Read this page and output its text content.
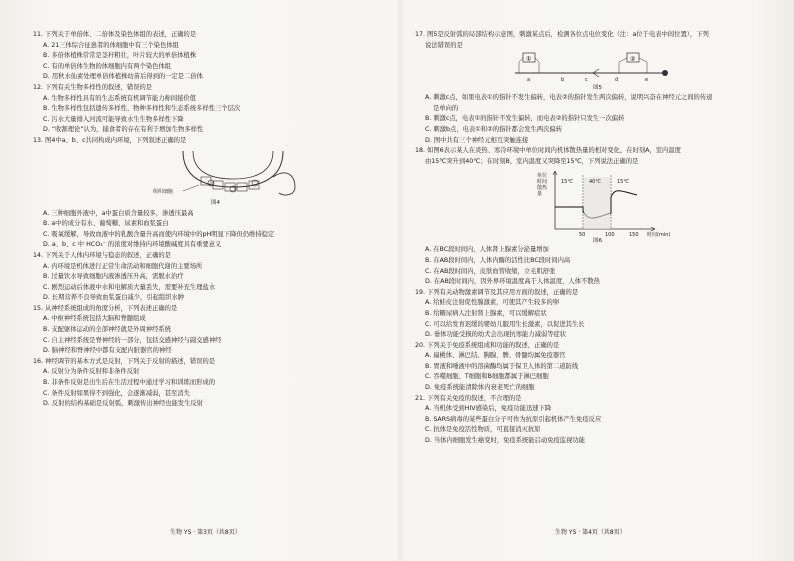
11. 下列关于单倍体、二倍体及染色体组的表述，正确的是
A. 21三体综合征患者的体细胞中有三个染色体组
B. 多倍体植株常常是茎秆粗壮，叶片较大的单倍体植株
C. 有的单倍体生物的体细胞内有两个染色体组
D. 用秋水仙素处理单倍体植株幼苗后得到的一定是二倍体
12. 下列有关生物多样性的叙述，错误的是
A. 生物多样性具有的生态系统有机调节能力称间接价值
B. 生物多样性包括遗传多样性、物种多样性和生态系统多样性三个层次
C. 污水大量排入河流可能导致水生生物多样性下降
D. “收割理论”认为，捕食者的存在有利于增加生物多样性
13. 图4中a、b、c共同构成内环境，下列叙述正确的是
组织细胞
图4
A. 三种细胞外液中，a中蛋白质含量较多，渗透压最高
B. a中的成分有水、葡萄糖、尿素和血浆蛋白
C. 吸氧缓解，导致血液中的乳酸含量升高而使内环境中的pH明显下降但仍维持稳定
D. a、b、c 中 HCO₃⁻ 的浓度对维持内环境酸碱度具有重要意义
14. 下列关于人体内环境与稳态的叙述，正确的是
A. 内环境是机体进行正常生命活动和细胞代谢的主要场所
B. 过量饮水导致细胞内液渗透压升高，需脱水治疗
C. 剧烈运动后体液中水和电解质大量丢失，需要补充生理盐水
D. 长期营养不良导致血浆蛋白减少，引起组织水肿
15. 从神经系统组成的角度分析，下列表述正确的是
A. 中枢神经系统包括大脑和脊髓组成
B. 支配躯体运动的全部神经就是外周神经系统
C. 自主神经系统是脊神经的一部分，包括交感神经与副交感神经
D. 脑神经和脊神经中都有支配内脏器官的神经
16. 神经调节的基本方式是反射，下列关于反射的描述，错误的是
A. 反射分为条件反射和非条件反射
B. 非条件反射是出生后在生活过程中通过学习和训练而形成的
C. 条件反射如果得不到强化，会逐渐减弱，甚至消失
D. 反射的结构基础是反射弧，刺激传出神经也能发生反射
生物 YS · 第3页（共8页）
17. 图5是反射弧的局部结构示意图，刺激某点后，检测各位点电位变化（注：a位于电表中间位置），下列
说法错误的是
①	②
a	b	c	d	e
图5
A. 刺激c点，如果电表①的指针不发生偏转，电表②的指针发生两次偏转，说明兴奋在神经元之间的传递
是单向的
B. 刺激c点，电表①的指针不发生偏转，而电表②的指针只发生一次偏转
C. 刺激b点，电表①和②的指针都会发生两次偏转
D. 图中共有三个神经元相互突触连接
18. 如图6表示某人在炎热、寒冷环境中单位时间内机体散热量的相对变化，在时刻A，室内温度
由15℃突升到40℃；在时刻B，室内温度又突降至15℃，下列说法正确的是
单位时间散热量
15℃	40℃	15℃
50	100	150 时间(min)
图6
A. 在BC段时间内，人体肾上腺素分泌量增加
B. 在AB段时间内，人体内酶的活性比BC段时间内高
C. 在AB段时间内，皮肤血管收缩，立毛肌舒张
D. 在AB段时间内，因外界环境温度高于人体温度，人体不散热
19. 下列有关动物激素调节及其应用方面的叙述，正确的是
A. 给蛙皮注射促性腺激素，可使其产生较多的卵
B. 给糖尿病人注射肾上腺素，可以缓解症状
C. 可以给发育迟缓的婴幼儿服用生长激素，以促进其生长
D. 垂体功能受损的幼犬会出现抗寒能力减弱等症状
20. 下列关于免疫系统组成和功能的叙述，正确的是
A. 扁桃体、淋巴结、胸腺、脾、骨髓均属免疫器官
B. 胃液和唾液中的溶菌酶均属于保卫人体的第二道防线
C. 吞噬细胞、T细胞和B细胞都属于淋巴细胞
D. 免疫系统能清除体内衰老死亡的细胞
21. 下列有关免疫的叙述，不合理的是
A. 当机体受到HIV感染后，免疫功能迅速下降
B. SARS病毒的某些蛋白分子可作为抗原引起机体产生免疫反应
C. 抗体是免疫活性物质，可直接消灭抗原
D. 当体内细胞发生癌变时，免疫系统能启动免疫监视功能
生物 YS · 第4页（共8页）
